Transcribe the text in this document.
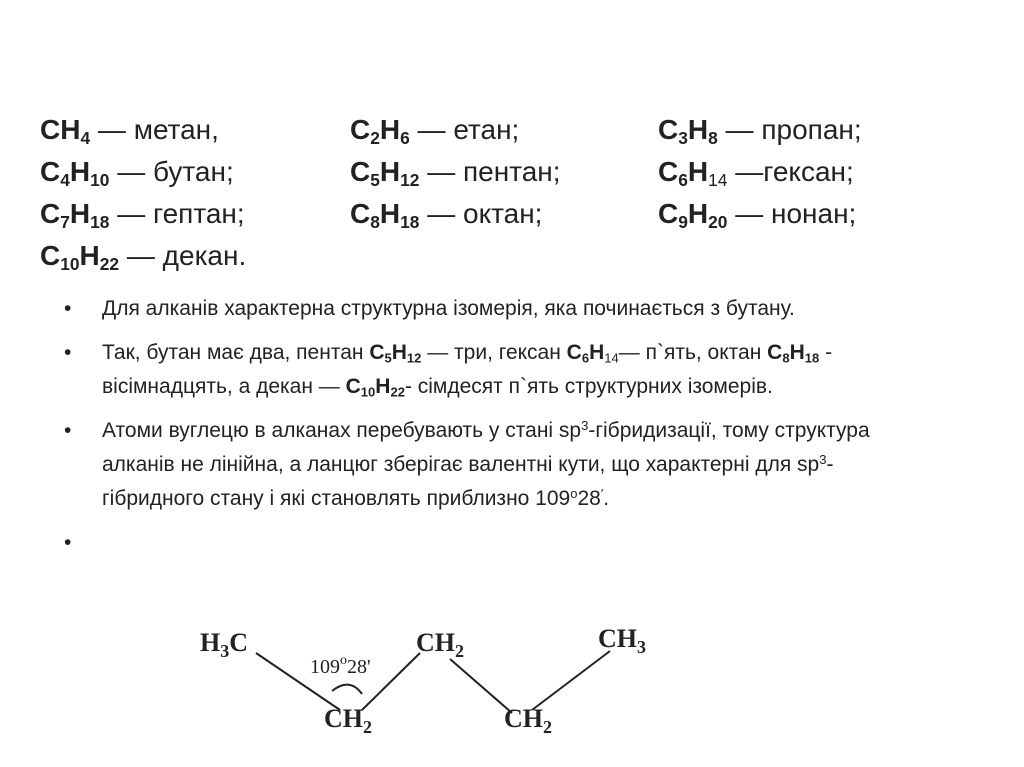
$CH_4$ — метан,	$C_2H_6$ — етан;	$C_3H_8$ — пропан;
$C_4H_{10}$ — бутан;	$C_5H_{12}$ — пентан;	$C_6H_{14}$ —гексан;
$C_7H_{18}$ — гептан;	$C_8H_{18}$ — октан;	$C_9H_{20}$ — нонан;
$C_{10}H_{22}$ — декан.
• Для алканів характерна структурна ізомерія, яка починається з бутану.
• Так, бутан має два, пентан $C_5H_{12}$ — три, гексан $C_6H_{14}—$ п`ять, октан $C_8H_{18}$ - вісімнадцять, а декан — $C_{10}H_{22}-$ сімдесят п`ять структурних ізомерів.
• Атоми вуглецю в алканах перебувають у стані $sp^3$-гібридизації, тому структура алканів не лінійна, а ланцюг зберігає валентні кути, що характерні для $sp^3$-гібридного стану і які становлять приблизно 109$^o$28′.
•
$H_3C$	$CH_2$	$CH_3$
$CH_2$	$CH_2$
109$^o$28'
